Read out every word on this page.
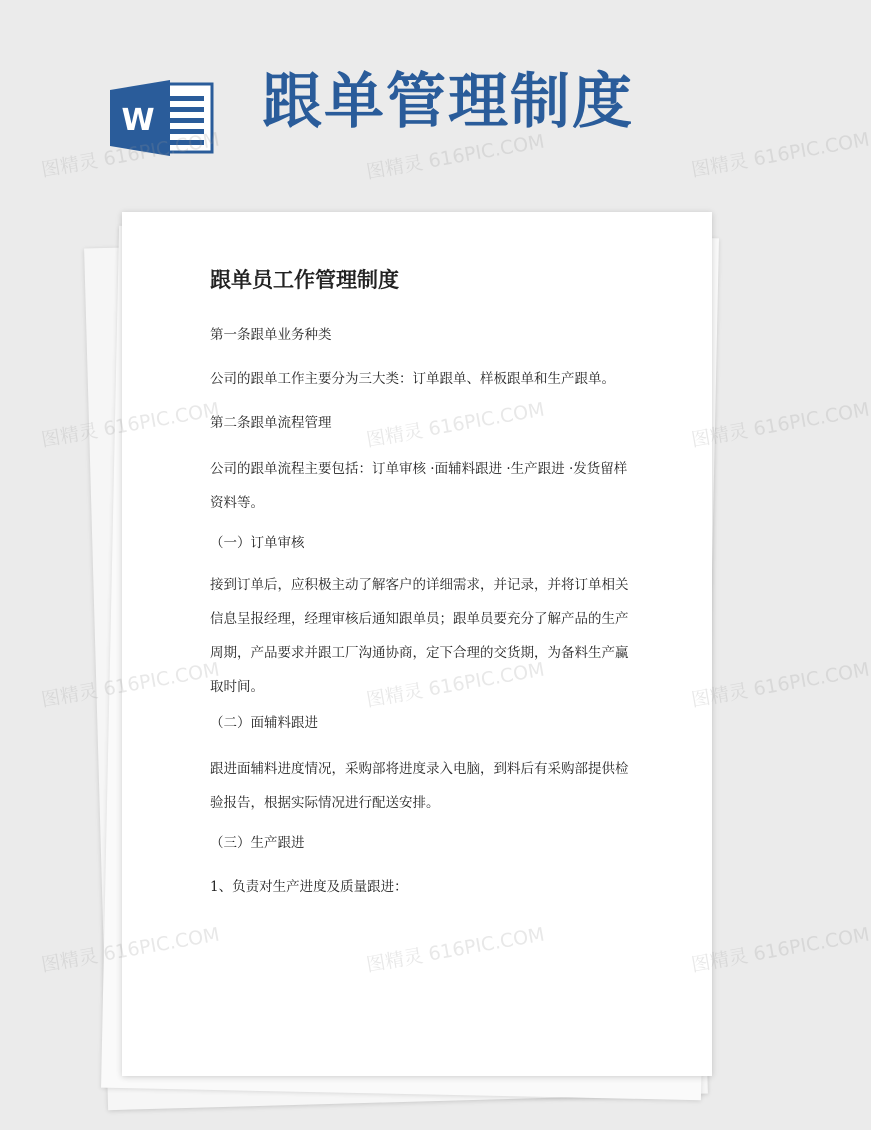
W 跟单管理制度
跟单员工作管理制度

第一条跟单业务种类

公司的跟单工作主要分为三大类：订单跟单、样板跟单和生产跟单。

第二条跟单流程管理

公司的跟单流程主要包括：订单审核 ·面辅料跟进 ·生产跟进 ·发货留样资料等。

（一）订单审核

接到订单后，应积极主动了解客户的详细需求，并记录，并将订单相关信息呈报经理，经理审核后通知跟单员；跟单员要充分了解产品的生产周期，产品要求并跟工厂沟通协商，定下合理的交货期，为备料生产赢取时间。

（二）面辅料跟进

跟进面辅料进度情况，采购部将进度录入电脑，到料后有采购部提供检验报告，根据实际情况进行配送安排。

（三）生产跟进

1、负责对生产进度及质量跟进：

图精灵 616PIC.COM	图精灵 616PIC.COM	图精灵 616PIC.COM
图精灵 616PIC.COM	图精灵 616PIC.COM	图精灵 616PIC.COM
图精灵 616PIC.COM	图精灵 616PIC.COM	图精灵 616PIC.COM
图精灵 616PIC.COM	图精灵 616PIC.COM	图精灵 616PIC.COM
